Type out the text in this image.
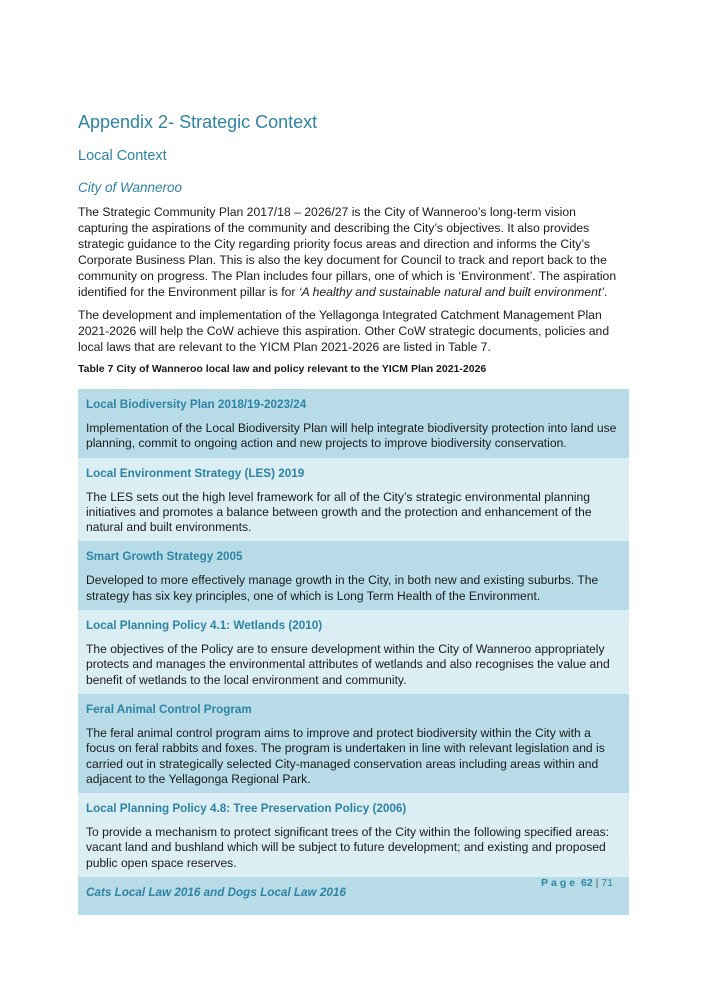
Appendix 2- Strategic Context
Local Context
City of Wanneroo

The Strategic Community Plan 2017/18 – 2026/27 is the City of Wanneroo’s long-term vision capturing the aspirations of the community and describing the City’s objectives. It also provides strategic guidance to the City regarding priority focus areas and direction and informs the City’s Corporate Business Plan. This is also the key document for Council to track and report back to the community on progress. The Plan includes four pillars, one of which is ‘Environment’. The aspiration identified for the Environment pillar is for ‘A healthy and sustainable natural and built environment’.

The development and implementation of the Yellagonga Integrated Catchment Management Plan 2021-2026 will help the CoW achieve this aspiration. Other CoW strategic documents, policies and local laws that are relevant to the YICM Plan 2021-2026 are listed in Table 7.

Table 7 City of Wanneroo local law and policy relevant to the YICM Plan 2021-2026

Local Biodiversity Plan 2018/19-2023/24

Implementation of the Local Biodiversity Plan will help integrate biodiversity protection into land use planning, commit to ongoing action and new projects to improve biodiversity conservation.

Local Environment Strategy (LES) 2019

The LES sets out the high level framework for all of the City’s strategic environmental planning initiatives and promotes a balance between growth and the protection and enhancement of the natural and built environments.

Smart Growth Strategy 2005

Developed to more effectively manage growth in the City, in both new and existing suburbs. The strategy has six key principles, one of which is Long Term Health of the Environment.

Local Planning Policy 4.1: Wetlands (2010)

The objectives of the Policy are to ensure development within the City of Wanneroo appropriately protects and manages the environmental attributes of wetlands and also recognises the value and benefit of wetlands to the local environment and community.

Feral Animal Control Program

The feral animal control program aims to improve and protect biodiversity within the City with a focus on feral rabbits and foxes. The program is undertaken in line with relevant legislation and is carried out in strategically selected City-managed conservation areas including areas within and adjacent to the Yellagonga Regional Park.

Local Planning Policy 4.8: Tree Preservation Policy (2006)

To provide a mechanism to protect significant trees of the City within the following specified areas: vacant land and bushland which will be subject to future development; and existing and proposed public open space reserves.

Cats Local Law 2016 and Dogs Local Law 2016

Page 62 | 71
